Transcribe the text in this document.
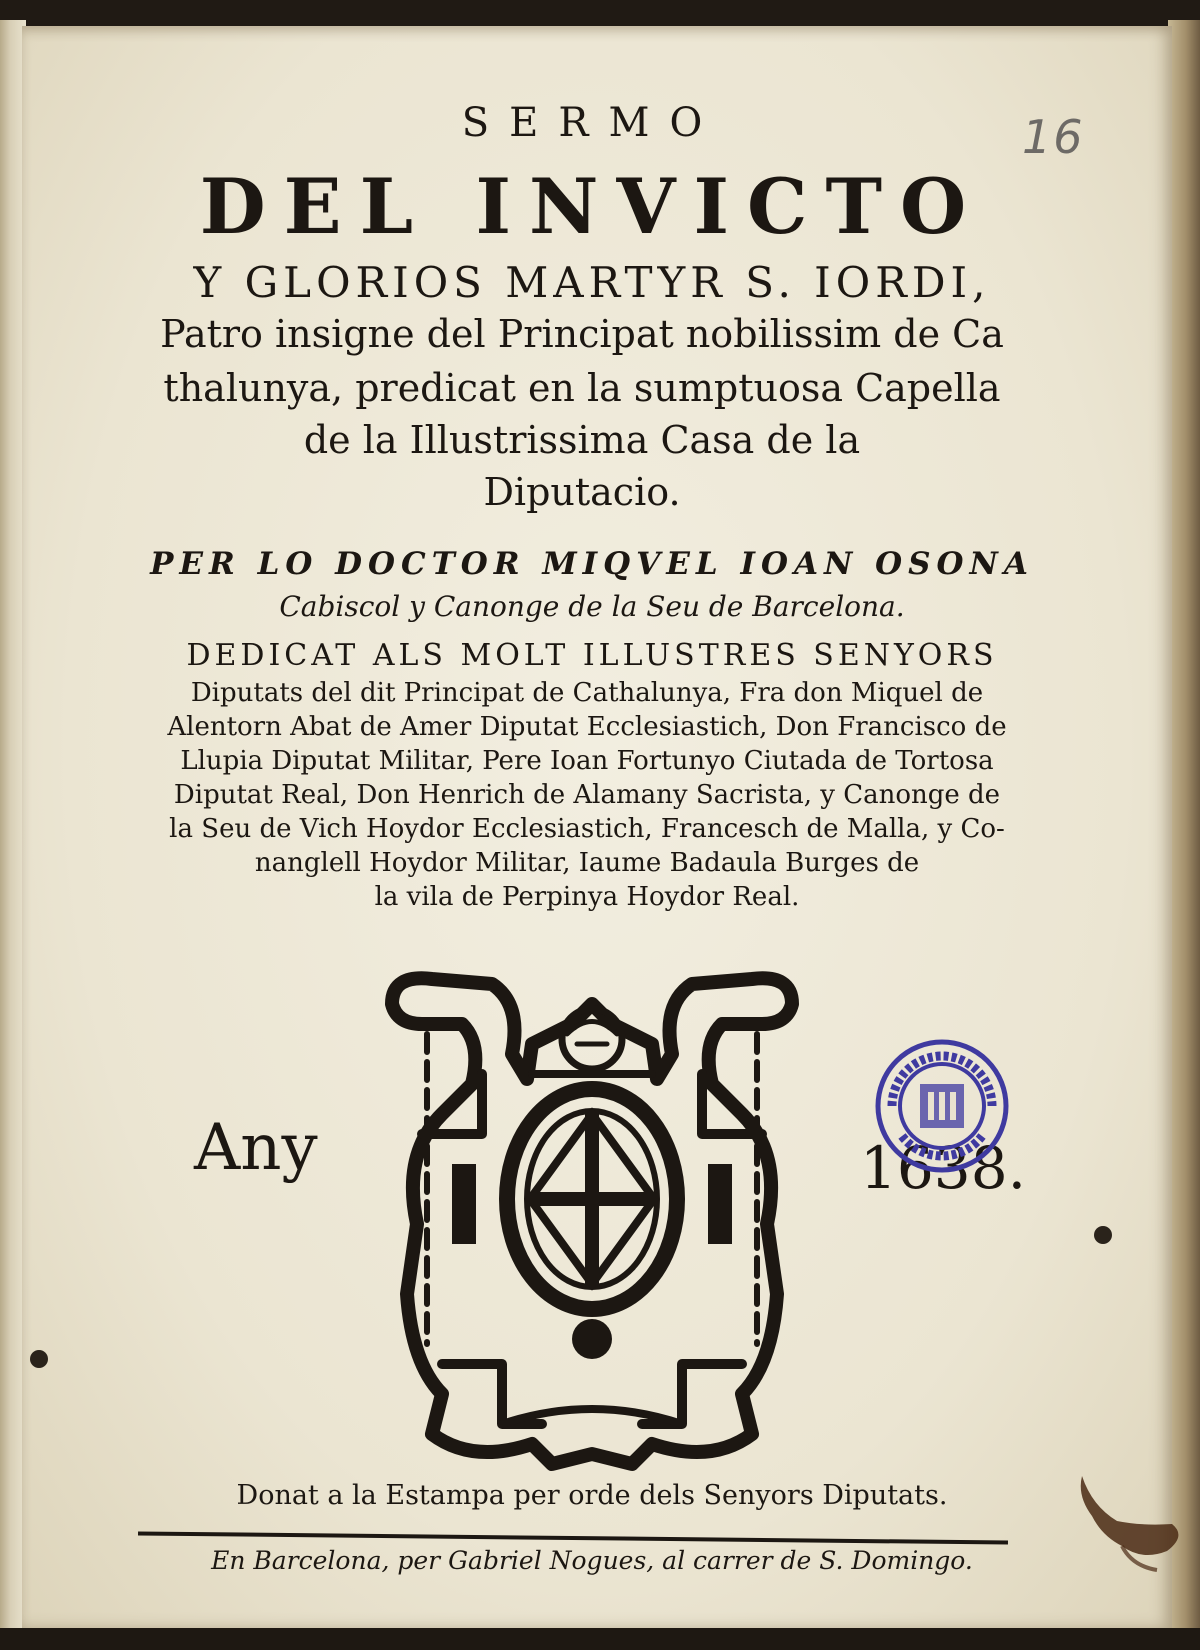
16
SERMO
DEL INVICTO
Y GLORIOS MARTYR S. IORDI,
Patro insigne del Principat nobilissim de Ca
thalunya, predicat en la sumptuosa Capella
de la Illustrissima Casa de la
Diputacio.
PER LO DOCTOR MIQVEL IOAN OSONA
Cabiscol y Canonge de la Seu de Barcelona.
DEDICAT ALS MOLT ILLUSTRES SENYORS
Diputats del dit Principat de Cathalunya, Fra don Miquel de
Alentorn Abat de Amer Diputat Ecclesiastich, Don Francisco de
Llupia Diputat Militar, Pere Ioan Fortunyo Ciutada de Tortosa
Diputat Real, Don Henrich de Alamany Sacrista, y Canonge de
la Seu de Vich Hoydor Ecclesiastich, Francesch de Malla, y Co-
nanglell Hoydor Militar, Iaume Badaula Burges de
la vila de Perpinya Hoydor Real.
Any	1638.
Donat a la Estampa per orde dels Senyors Diputats.
En Barcelona, per Gabriel Nogues, al carrer de S. Domingo.
